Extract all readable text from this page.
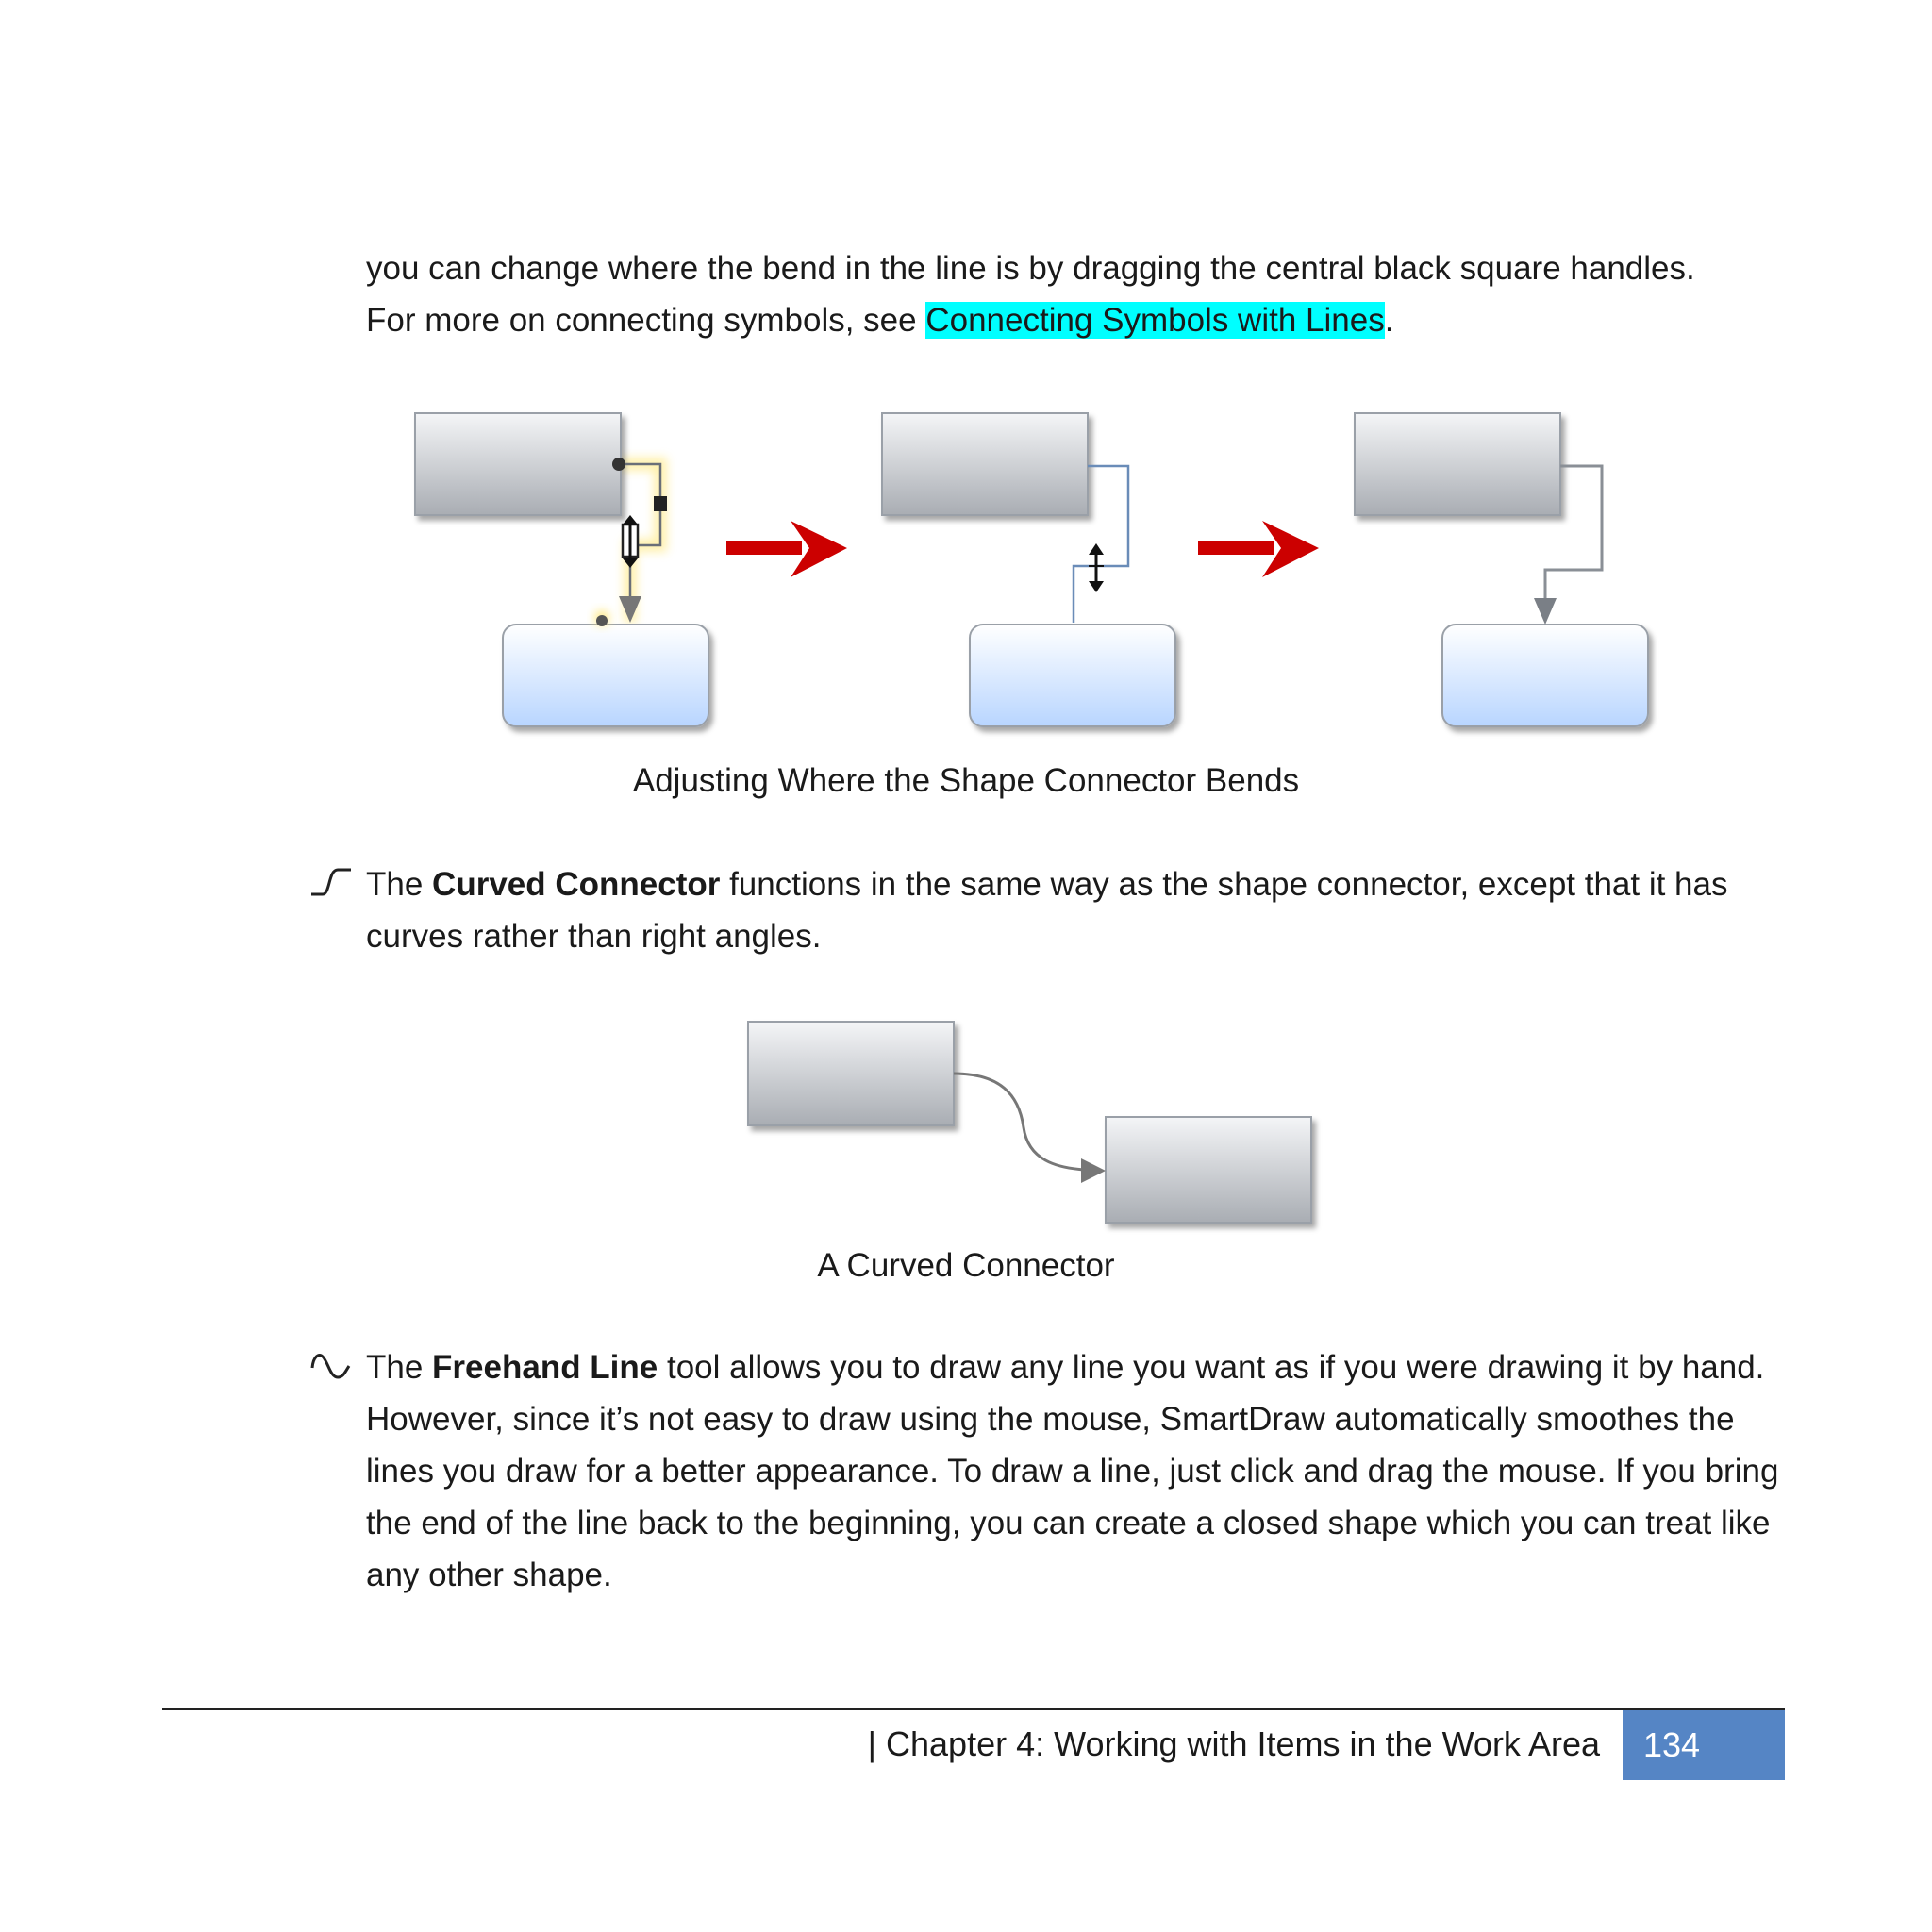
you can change where the bend in the line is by dragging the central black square handles.
For more on connecting symbols, see Connecting Symbols with Lines.

Adjusting Where the Shape Connector Bends

The Curved Connector functions in the same way as the shape connector, except that it has curves rather than right angles.

A Curved Connector

The Freehand Line tool allows you to draw any line you want as if you were drawing it by hand. However, since it’s not easy to draw using the mouse, SmartDraw automatically smoothes the lines you draw for a better appearance. To draw a line, just click and drag the mouse. If you bring the end of the line back to the beginning, you can create a closed shape which you can treat like any other shape.

| Chapter 4: Working with Items in the Work Area	134
